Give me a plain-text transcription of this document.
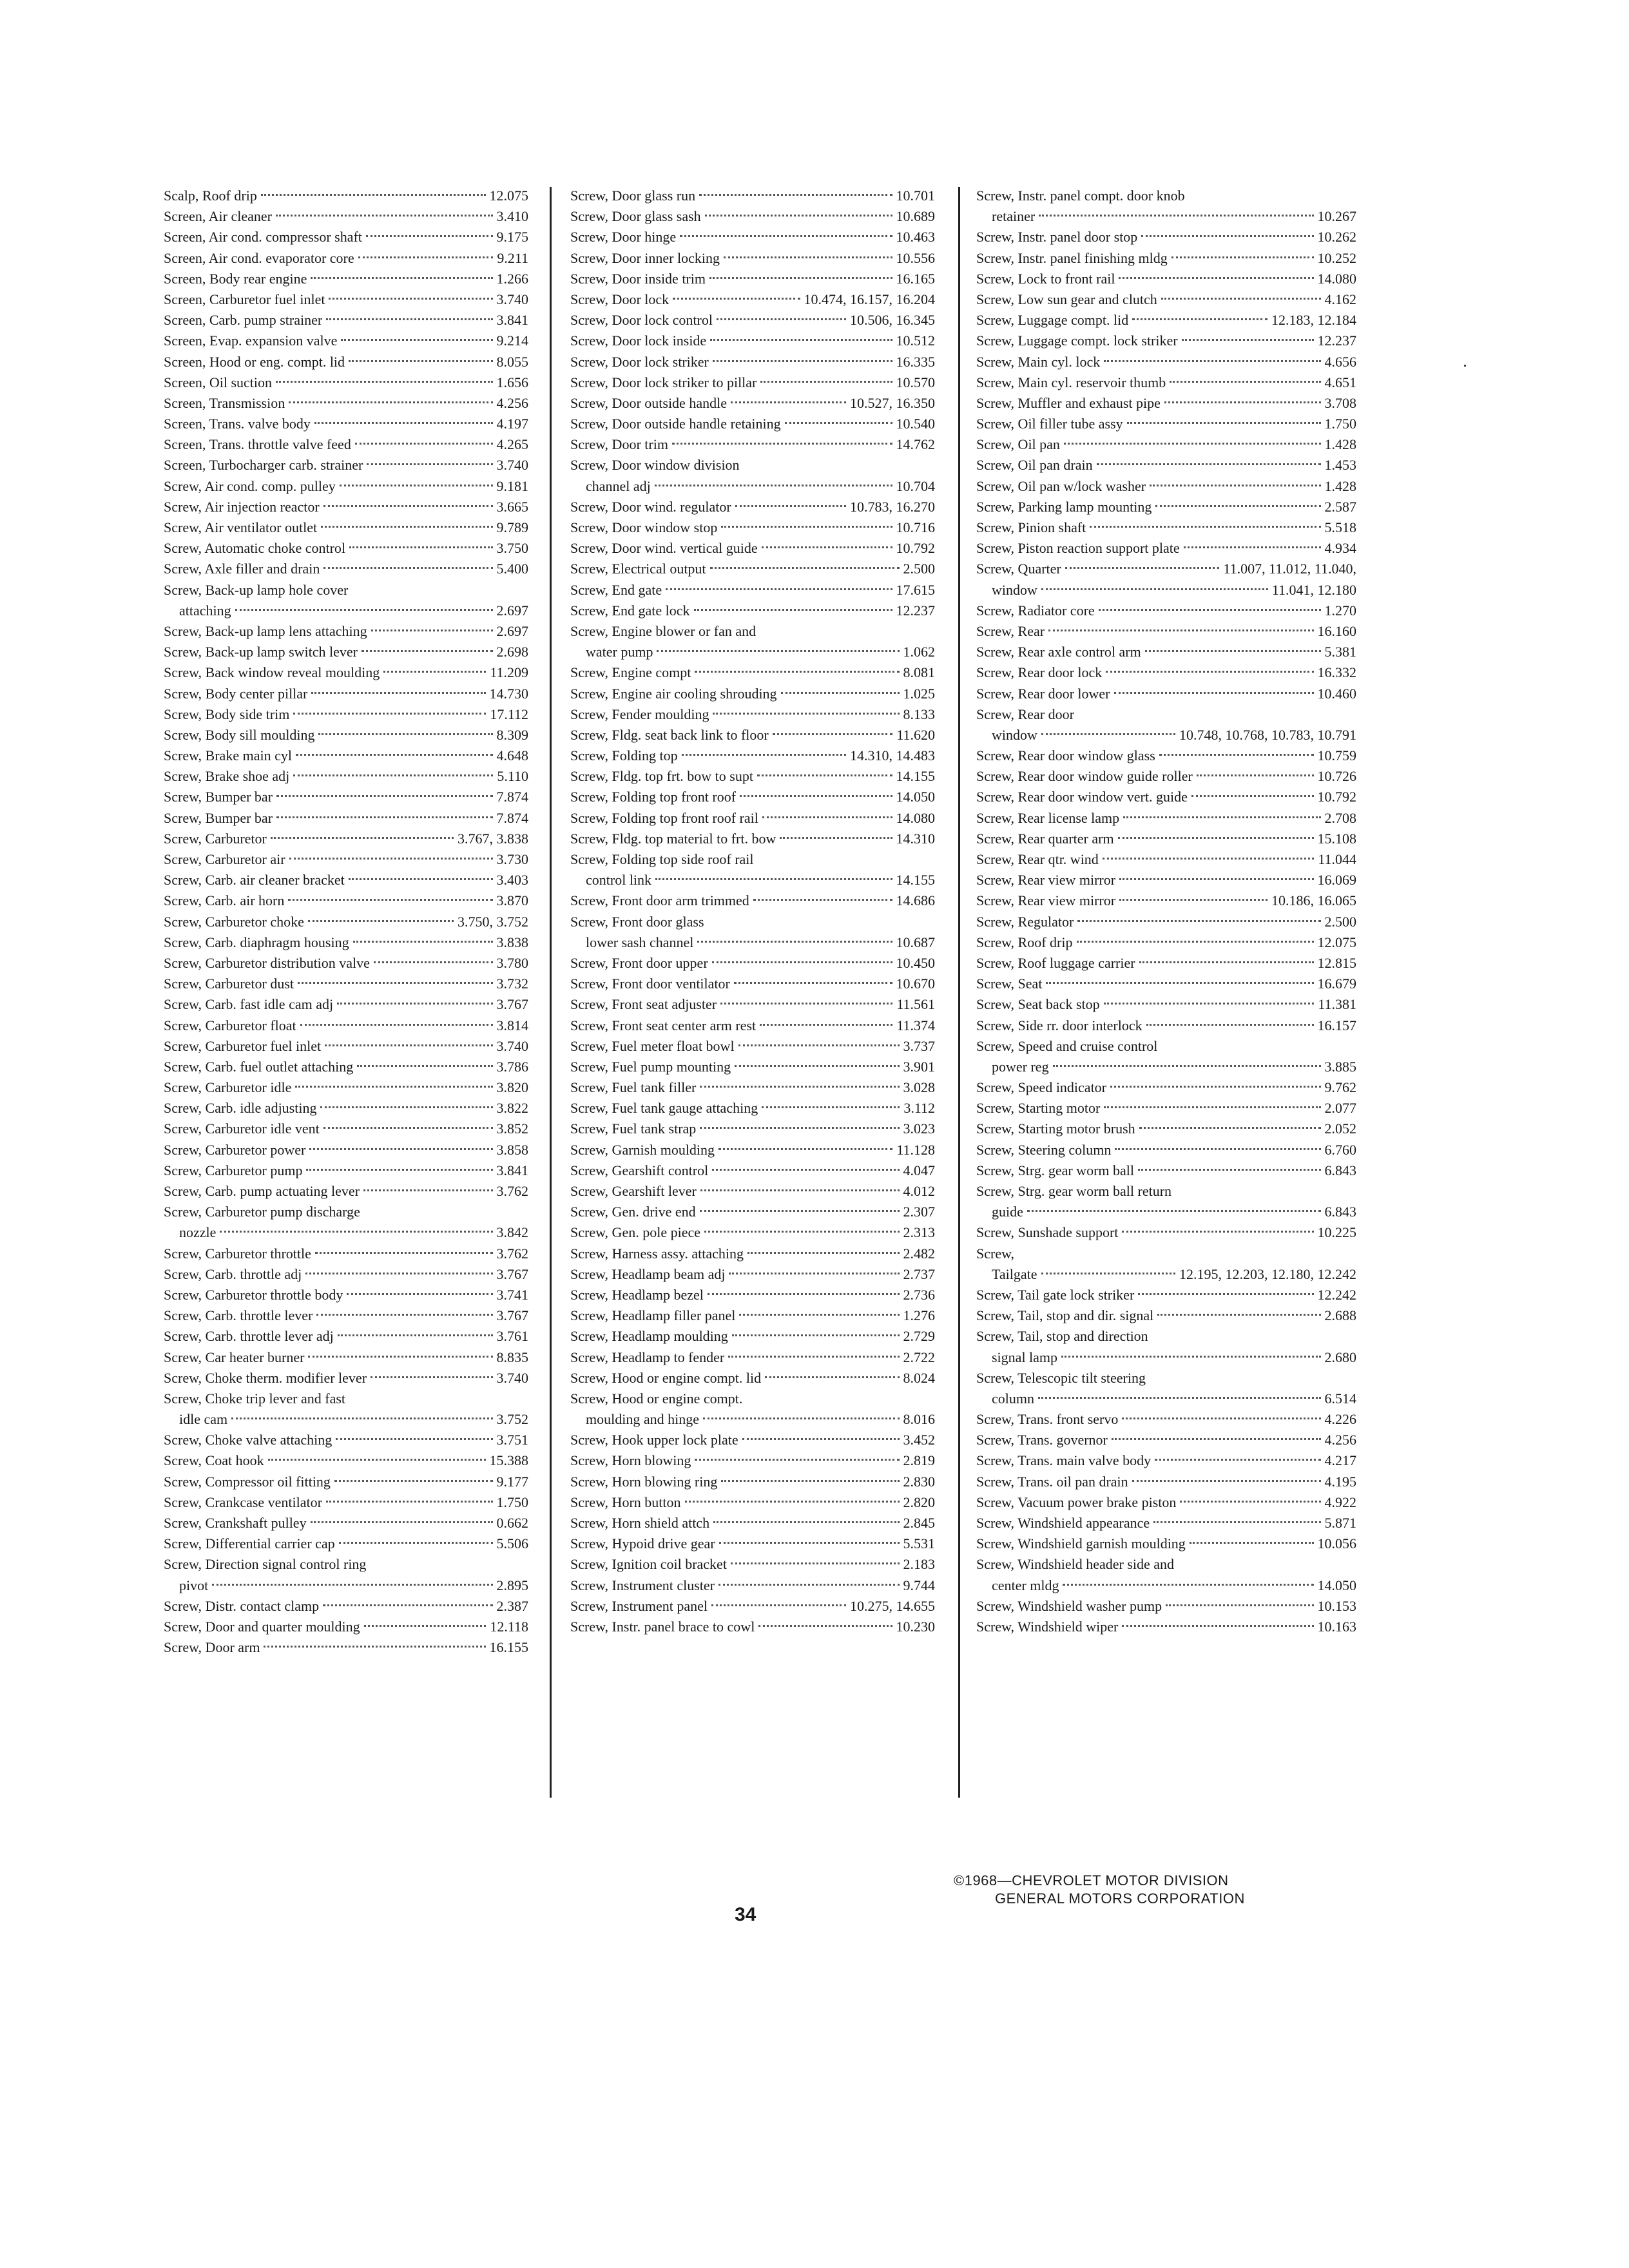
Scalp, Roof drip	12.075
Screen, Air cleaner	3.410
Screen, Air cond. compressor shaft	9.175
Screen, Air cond. evaporator core	9.211
Screen, Body rear engine	1.266
Screen, Carburetor fuel inlet	3.740
Screen, Carb. pump strainer	3.841
Screen, Evap. expansion valve	9.214
Screen, Hood or eng. compt. lid	8.055
Screen, Oil suction	1.656
Screen, Transmission	4.256
Screen, Trans. valve body	4.197
Screen, Trans. throttle valve feed	4.265
Screen, Turbocharger carb. strainer	3.740
Screw, Air cond. comp. pulley	9.181
Screw, Air injection reactor	3.665
Screw, Air ventilator outlet	9.789
Screw, Automatic choke control	3.750
Screw, Axle filler and drain	5.400
Screw, Back-up lamp hole cover
attaching	2.697
Screw, Back-up lamp lens attaching	2.697
Screw, Back-up lamp switch lever	2.698
Screw, Back window reveal moulding	11.209
Screw, Body center pillar	14.730
Screw, Body side trim	17.112
Screw, Body sill moulding	8.309
Screw, Brake main cyl	4.648
Screw, Brake shoe adj	5.110
Screw, Bumper bar	7.874
Screw, Bumper bar	7.874
Screw, Carburetor	3.767, 3.838
Screw, Carburetor air	3.730
Screw, Carb. air cleaner bracket	3.403
Screw, Carb. air horn	3.870
Screw, Carburetor choke	3.750, 3.752
Screw, Carb. diaphragm housing	3.838
Screw, Carburetor distribution valve	3.780
Screw, Carburetor dust	3.732
Screw, Carb. fast idle cam adj	3.767
Screw, Carburetor float	3.814
Screw, Carburetor fuel inlet	3.740
Screw, Carb. fuel outlet attaching	3.786
Screw, Carburetor idle	3.820
Screw, Carb. idle adjusting	3.822
Screw, Carburetor idle vent	3.852
Screw, Carburetor power	3.858
Screw, Carburetor pump	3.841
Screw, Carb. pump actuating lever	3.762
Screw, Carburetor pump discharge
nozzle	3.842
Screw, Carburetor throttle	3.762
Screw, Carb. throttle adj	3.767
Screw, Carburetor throttle body	3.741
Screw, Carb. throttle lever	3.767
Screw, Carb. throttle lever adj	3.761
Screw, Car heater burner	8.835
Screw, Choke therm. modifier lever	3.740
Screw, Choke trip lever and fast
idle cam	3.752
Screw, Choke valve attaching	3.751
Screw, Coat hook	15.388
Screw, Compressor oil fitting	9.177
Screw, Crankcase ventilator	1.750
Screw, Crankshaft pulley	0.662
Screw, Differential carrier cap	5.506
Screw, Direction signal control ring
pivot	2.895
Screw, Distr. contact clamp	2.387
Screw, Door and quarter moulding	12.118
Screw, Door arm	16.155
Screw, Door glass run	10.701
Screw, Door glass sash	10.689
Screw, Door hinge	10.463
Screw, Door inner locking	10.556
Screw, Door inside trim	16.165
Screw, Door lock	10.474, 16.157, 16.204
Screw, Door lock control	10.506, 16.345
Screw, Door lock inside	10.512
Screw, Door lock striker	16.335
Screw, Door lock striker to pillar	10.570
Screw, Door outside handle	10.527, 16.350
Screw, Door outside handle retaining	10.540
Screw, Door trim	14.762
Screw, Door window division
channel adj	10.704
Screw, Door wind. regulator	10.783, 16.270
Screw, Door window stop	10.716
Screw, Door wind. vertical guide	10.792
Screw, Electrical output	2.500
Screw, End gate	17.615
Screw, End gate lock	12.237
Screw, Engine blower or fan and
water pump	1.062
Screw, Engine compt	8.081
Screw, Engine air cooling shrouding	1.025
Screw, Fender moulding	8.133
Screw, Fldg. seat back link to floor	11.620
Screw, Folding top	14.310, 14.483
Screw, Fldg. top frt. bow to supt	14.155
Screw, Folding top front roof	14.050
Screw, Folding top front roof rail	14.080
Screw, Fldg. top material to frt. bow	14.310
Screw, Folding top side roof rail
control link	14.155
Screw, Front door arm trimmed	14.686
Screw, Front door glass
lower sash channel	10.687
Screw, Front door upper	10.450
Screw, Front door ventilator	10.670
Screw, Front seat adjuster	11.561
Screw, Front seat center arm rest	11.374
Screw, Fuel meter float bowl	3.737
Screw, Fuel pump mounting	3.901
Screw, Fuel tank filler	3.028
Screw, Fuel tank gauge attaching	3.112
Screw, Fuel tank strap	3.023
Screw, Garnish moulding	11.128
Screw, Gearshift control	4.047
Screw, Gearshift lever	4.012
Screw, Gen. drive end	2.307
Screw, Gen. pole piece	2.313
Screw, Harness assy. attaching	2.482
Screw, Headlamp beam adj	2.737
Screw, Headlamp bezel	2.736
Screw, Headlamp filler panel	1.276
Screw, Headlamp moulding	2.729
Screw, Headlamp to fender	2.722
Screw, Hood or engine compt. lid	8.024
Screw, Hood or engine compt.
moulding and hinge	8.016
Screw, Hook upper lock plate	3.452
Screw, Horn blowing	2.819
Screw, Horn blowing ring	2.830
Screw, Horn button	2.820
Screw, Horn shield attch	2.845
Screw, Hypoid drive gear	5.531
Screw, Ignition coil bracket	2.183
Screw, Instrument cluster	9.744
Screw, Instrument panel	10.275, 14.655
Screw, Instr. panel brace to cowl	10.230
Screw, Instr. panel compt. door knob
retainer	10.267
Screw, Instr. panel door stop	10.262
Screw, Instr. panel finishing mldg	10.252
Screw, Lock to front rail	14.080
Screw, Low sun gear and clutch	4.162
Screw, Luggage compt. lid	12.183, 12.184
Screw, Luggage compt. lock striker	12.237
Screw, Main cyl. lock	4.656
Screw, Main cyl. reservoir thumb	4.651
Screw, Muffler and exhaust pipe	3.708
Screw, Oil filler tube assy	1.750
Screw, Oil pan	1.428
Screw, Oil pan drain	1.453
Screw, Oil pan w/lock washer	1.428
Screw, Parking lamp mounting	2.587
Screw, Pinion shaft	5.518
Screw, Piston reaction support plate	4.934
Screw, Quarter	11.007, 11.012, 11.040,
window	11.041, 12.180
Screw, Radiator core	1.270
Screw, Rear	16.160
Screw, Rear axle control arm	5.381
Screw, Rear door lock	16.332
Screw, Rear door lower	10.460
Screw, Rear door
window	10.748, 10.768, 10.783, 10.791
Screw, Rear door window glass	10.759
Screw, Rear door window guide roller	10.726
Screw, Rear door window vert. guide	10.792
Screw, Rear license lamp	2.708
Screw, Rear quarter arm	15.108
Screw, Rear qtr. wind	11.044
Screw, Rear view mirror	16.069
Screw, Rear view mirror	10.186, 16.065
Screw, Regulator	2.500
Screw, Roof drip	12.075
Screw, Roof luggage carrier	12.815
Screw, Seat	16.679
Screw, Seat back stop	11.381
Screw, Side rr. door interlock	16.157
Screw, Speed and cruise control
power reg	3.885
Screw, Speed indicator	9.762
Screw, Starting motor	2.077
Screw, Starting motor brush	2.052
Screw, Steering column	6.760
Screw, Strg. gear worm ball	6.843
Screw, Strg. gear worm ball return
guide	6.843
Screw, Sunshade support	10.225
Screw,
Tailgate	12.195, 12.203, 12.180, 12.242
Screw, Tail gate lock striker	12.242
Screw, Tail, stop and dir. signal	2.688
Screw, Tail, stop and direction
signal lamp	2.680
Screw, Telescopic tilt steering
column	6.514
Screw, Trans. front servo	4.226
Screw, Trans. governor	4.256
Screw, Trans. main valve body	4.217
Screw, Trans. oil pan drain	4.195
Screw, Vacuum power brake piston	4.922
Screw, Windshield appearance	5.871
Screw, Windshield garnish moulding	10.056
Screw, Windshield header side and
center mldg	14.050
Screw, Windshield washer pump	10.153
Screw, Windshield wiper	10.163
34
©1968—CHEVROLET MOTOR DIVISION
GENERAL MOTORS CORPORATION
